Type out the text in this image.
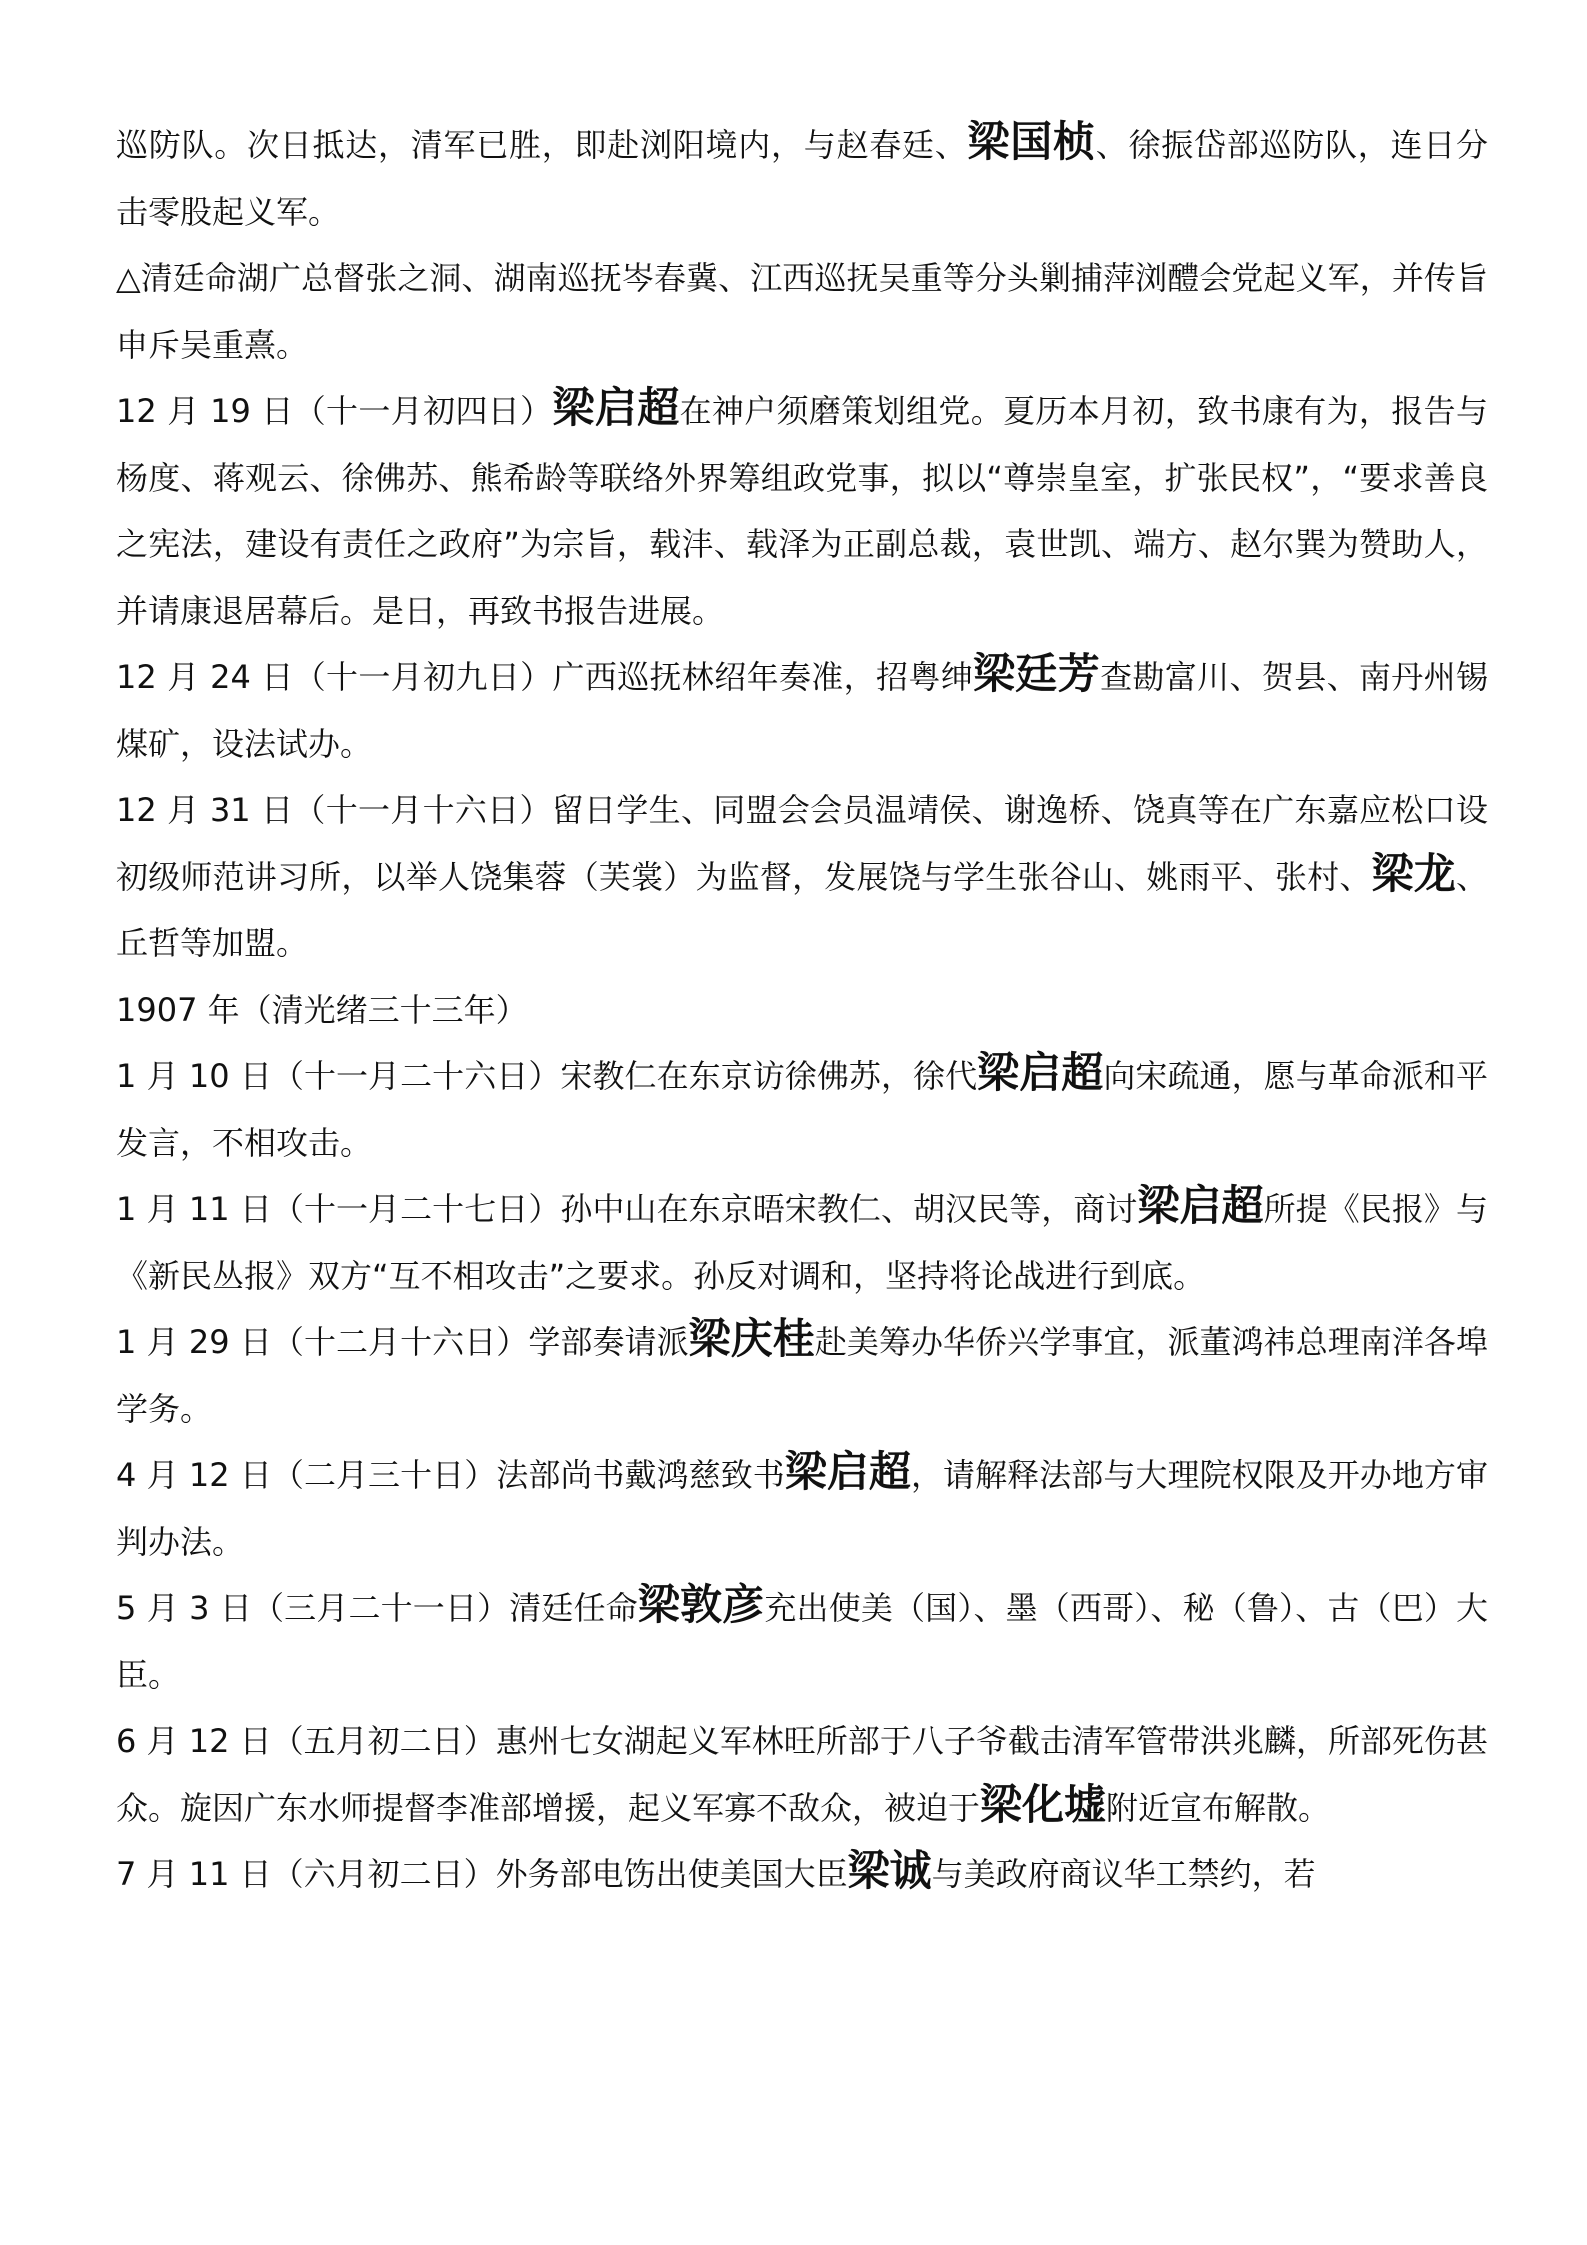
巡防队。次日抵达，清军已胜，即赴浏阳境内，与赵春廷、梁国桢、徐振岱部巡防队，连日分击零股起义军。

△清廷命湖广总督张之洞、湖南巡抚岑春冀、江西巡抚吴重等分头剿捕萍浏醴会党起义军，并传旨申斥吴重熹。

12 月 19 日（十一月初四日）梁启超在神户须磨策划组党。夏历本月初，致书康有为，报告与杨度、蒋观云、徐佛苏、熊希龄等联络外界筹组政党事，拟以“尊崇皇室，扩张民权”，“要求善良之宪法，建设有责任之政府”为宗旨，载沣、载泽为正副总裁，袁世凯、端方、赵尔巽为赞助人，并请康退居幕后。是日，再致书报告进展。

12 月 24 日（十一月初九日）广西巡抚林绍年奏准，招粤绅梁廷芳查勘富川、贺县、南丹州锡煤矿，设法试办。

12 月 31 日（十一月十六日）留日学生、同盟会会员温靖侯、谢逸桥、饶真等在广东嘉应松口设初级师范讲习所，以举人饶集蓉（芙裳）为监督，发展饶与学生张谷山、姚雨平、张村、梁龙、丘哲等加盟。

1907 年（清光绪三十三年）

1 月 10 日（十一月二十六日）宋教仁在东京访徐佛苏，徐代梁启超向宋疏通，愿与革命派和平发言，不相攻击。

1 月 11 日（十一月二十七日）孙中山在东京晤宋教仁、胡汉民等，商讨梁启超所提《民报》与《新民丛报》双方“互不相攻击”之要求。孙反对调和，坚持将论战进行到底。

1 月 29 日（十二月十六日）学部奏请派梁庆桂赴美筹办华侨兴学事宜，派董鸿祎总理南洋各埠学务。

4 月 12 日（二月三十日）法部尚书戴鸿慈致书梁启超，请解释法部与大理院权限及开办地方审判办法。

5 月 3 日（三月二十一日）清廷任命梁敦彦充出使美（国）、墨（西哥）、秘（鲁）、古（巴）大臣。

6 月 12 日（五月初二日）惠州七女湖起义军林旺所部于八子爷截击清军管带洪兆麟，所部死伤甚众。旋因广东水师提督李准部增援，起义军寡不敌众，被迫于梁化墟附近宣布解散。

7 月 11 日（六月初二日）外务部电饬出使美国大臣梁诚与美政府商议华工禁约，若
